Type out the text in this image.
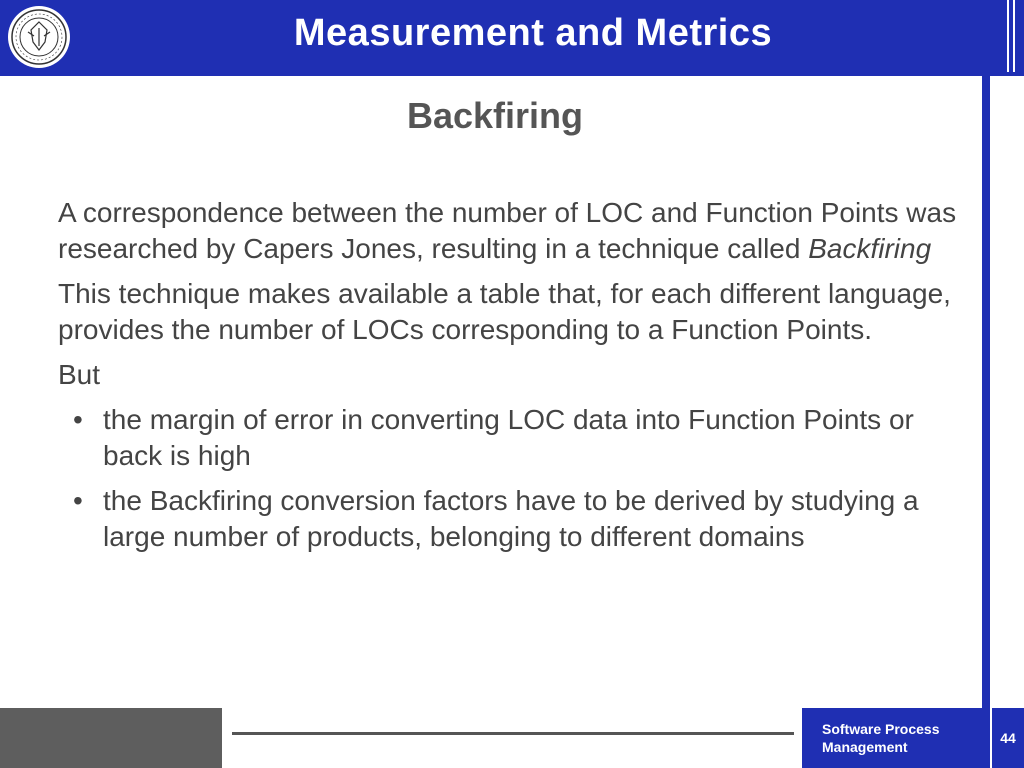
Measurement and Metrics
Backfiring

A correspondence between the number of LOC and Function Points was researched by Capers Jones, resulting in a technique called Backfiring

This technique makes available a table that, for each different language, provides the number of LOCs corresponding to a Function Points.

But

• the margin of error in converting LOC data into Function Points or back is high
• the Backfiring conversion factors have to be derived by studying a large number of products, belonging to different domains
Software Process
Management
44
